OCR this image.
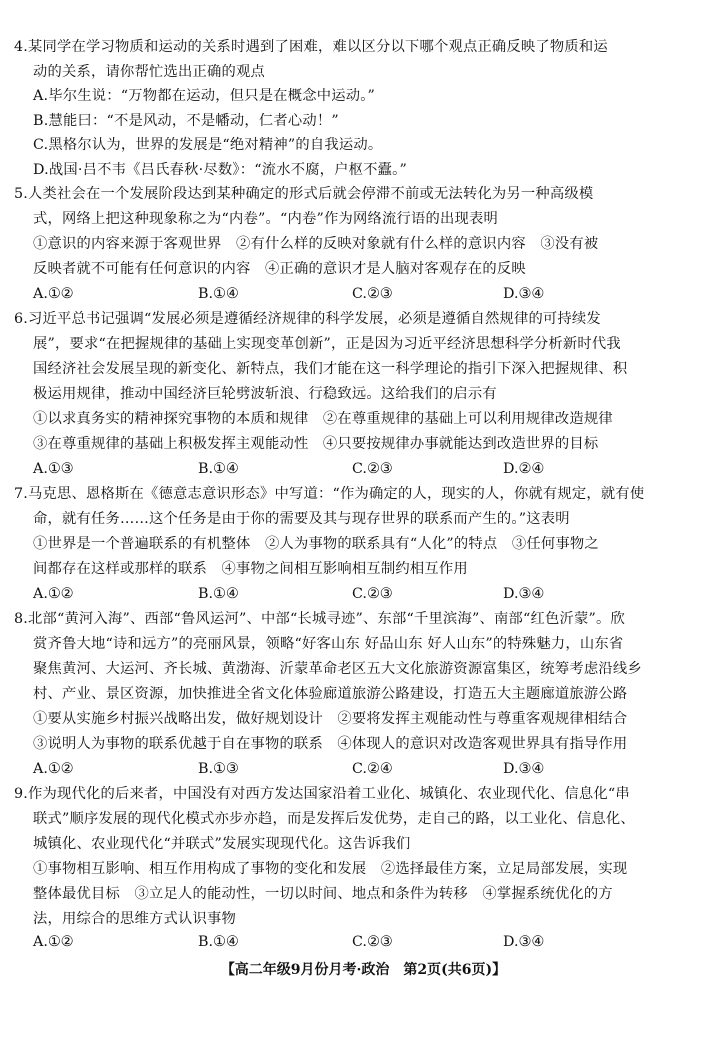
4.某同学在学习物质和运动的关系时遇到了困难，难以区分以下哪个观点正确反映了物质和运
动的关系，请你帮忙选出正确的观点
A.毕尔生说：“万物都在运动，但只是在概念中运动。”
B.慧能曰：“不是风动，不是幡动，仁者心动！”
C.黑格尔认为，世界的发展是“绝对精神”的自我运动。
D.战国·吕不韦《吕氏春秋·尽数》：“流水不腐，户枢不蠹。”
5.人类社会在一个发展阶段达到某种确定的形式后就会停滞不前或无法转化为另一种高级模
式，网络上把这种现象称之为“内卷”。“内卷”作为网络流行语的出现表明
①意识的内容来源于客观世界　②有什么样的反映对象就有什么样的意识内容　③没有被
反映者就不可能有任何意识的内容　④正确的意识才是人脑对客观存在的反映
A.①②	B.①④	C.②③	D.③④
6.习近平总书记强调“发展必须是遵循经济规律的科学发展，必须是遵循自然规律的可持续发
展”，要求“在把握规律的基础上实现变革创新”，正是因为习近平经济思想科学分析新时代我
国经济社会发展呈现的新变化、新特点，我们才能在这一科学理论的指引下深入把握规律、积
极运用规律，推动中国经济巨轮劈波斩浪、行稳致远。这给我们的启示有
①以求真务实的精神探究事物的本质和规律　②在尊重规律的基础上可以利用规律改造规律
③在尊重规律的基础上积极发挥主观能动性　④只要按规律办事就能达到改造世界的目标
A.①③	B.①④	C.②③	D.②④
7.马克思、恩格斯在《德意志意识形态》中写道：“作为确定的人，现实的人，你就有规定，就有使
命，就有任务……这个任务是由于你的需要及其与现存世界的联系而产生的。”这表明
①世界是一个普遍联系的有机整体　②人为事物的联系具有“人化”的特点　③任何事物之
间都存在这样或那样的联系　④事物之间相互影响相互制约相互作用
A.①②	B.①④	C.②③	D.③④
8.北部“黄河入海”、西部“鲁风运河”、中部“长城寻迹”、东部“千里滨海”、南部“红色沂蒙”。欣
赏齐鲁大地“诗和远方”的亮丽风景，领略“好客山东 好品山东 好人山东”的特殊魅力，山东省
聚焦黄河、大运河、齐长城、黄渤海、沂蒙革命老区五大文化旅游资源富集区，统筹考虑沿线乡
村、产业、景区资源，加快推进全省文化体验廊道旅游公路建设，打造五大主题廊道旅游公路
①要从实施乡村振兴战略出发，做好规划设计　②要将发挥主观能动性与尊重客观规律相结合
③说明人为事物的联系优越于自在事物的联系　④体现人的意识对改造客观世界具有指导作用
A.①②	B.①③	C.②④	D.③④
9.作为现代化的后来者，中国没有对西方发达国家沿着工业化、城镇化、农业现代化、信息化“串
联式”顺序发展的现代化模式亦步亦趋，而是发挥后发优势，走自己的路，以工业化、信息化、
城镇化、农业现代化“并联式”发展实现现代化。这告诉我们
①事物相互影响、相互作用构成了事物的变化和发展　②选择最佳方案，立足局部发展，实现
整体最优目标　③立足人的能动性，一切以时间、地点和条件为转移　④掌握系统优化的方
法，用综合的思维方式认识事物
A.①②	B.①④	C.②③	D.③④
【高二年级9月份月考·政治　第2页(共6页)】
